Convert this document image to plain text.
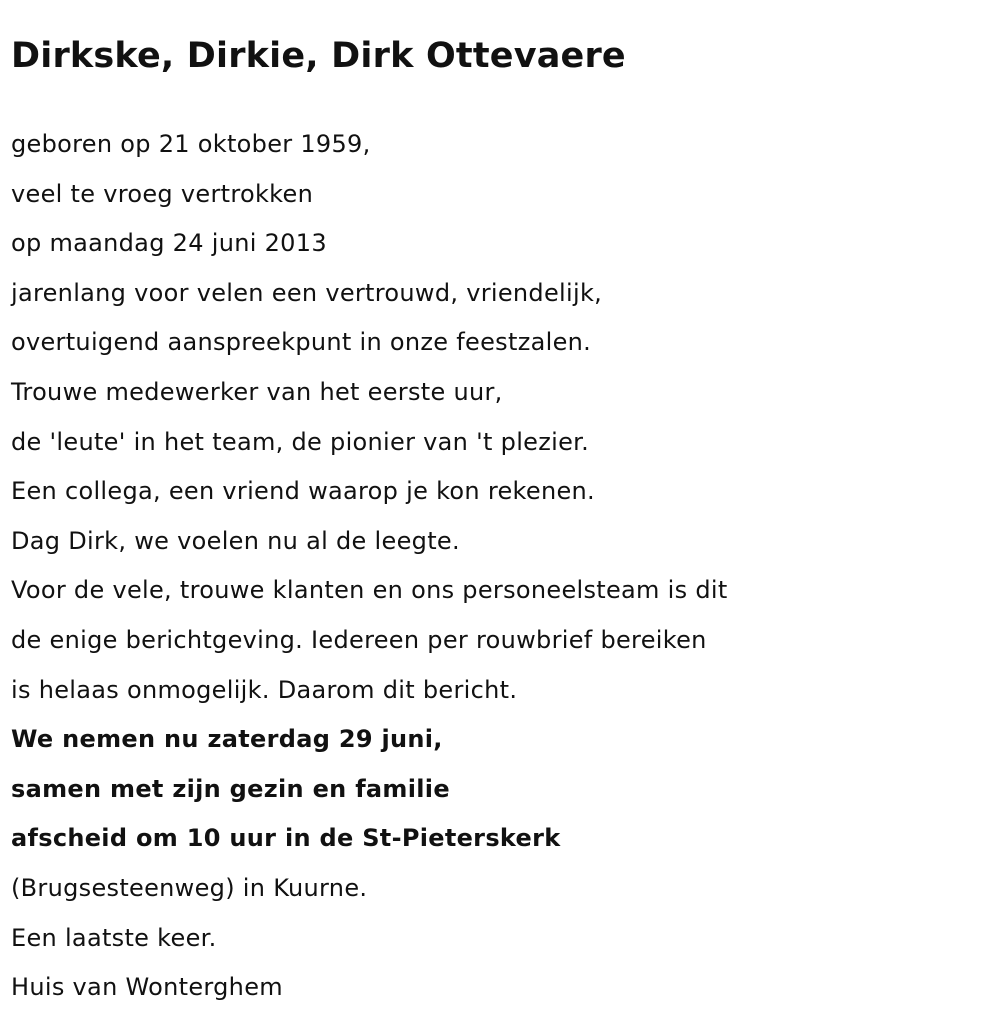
Dirkske, Dirkie, Dirk Ottevaere
geboren op 21 oktober 1959,
veel te vroeg vertrokken
op maandag 24 juni 2013
jarenlang voor velen een vertrouwd, vriendelijk,
overtuigend aanspreekpunt in onze feestzalen.
Trouwe medewerker van het eerste uur,
de 'leute' in het team, de pionier van 't plezier.
Een collega, een vriend waarop je kon rekenen.
Dag Dirk, we voelen nu al de leegte.
Voor de vele, trouwe klanten en ons personeelsteam is dit
de enige berichtgeving. Iedereen per rouwbrief bereiken
is helaas onmogelijk. Daarom dit bericht.
We nemen nu zaterdag 29 juni,
samen met zijn gezin en familie
afscheid om 10 uur in de St-Pieterskerk
(Brugsesteenweg) in Kuurne.
Een laatste keer.
Huis van Wonterghem
